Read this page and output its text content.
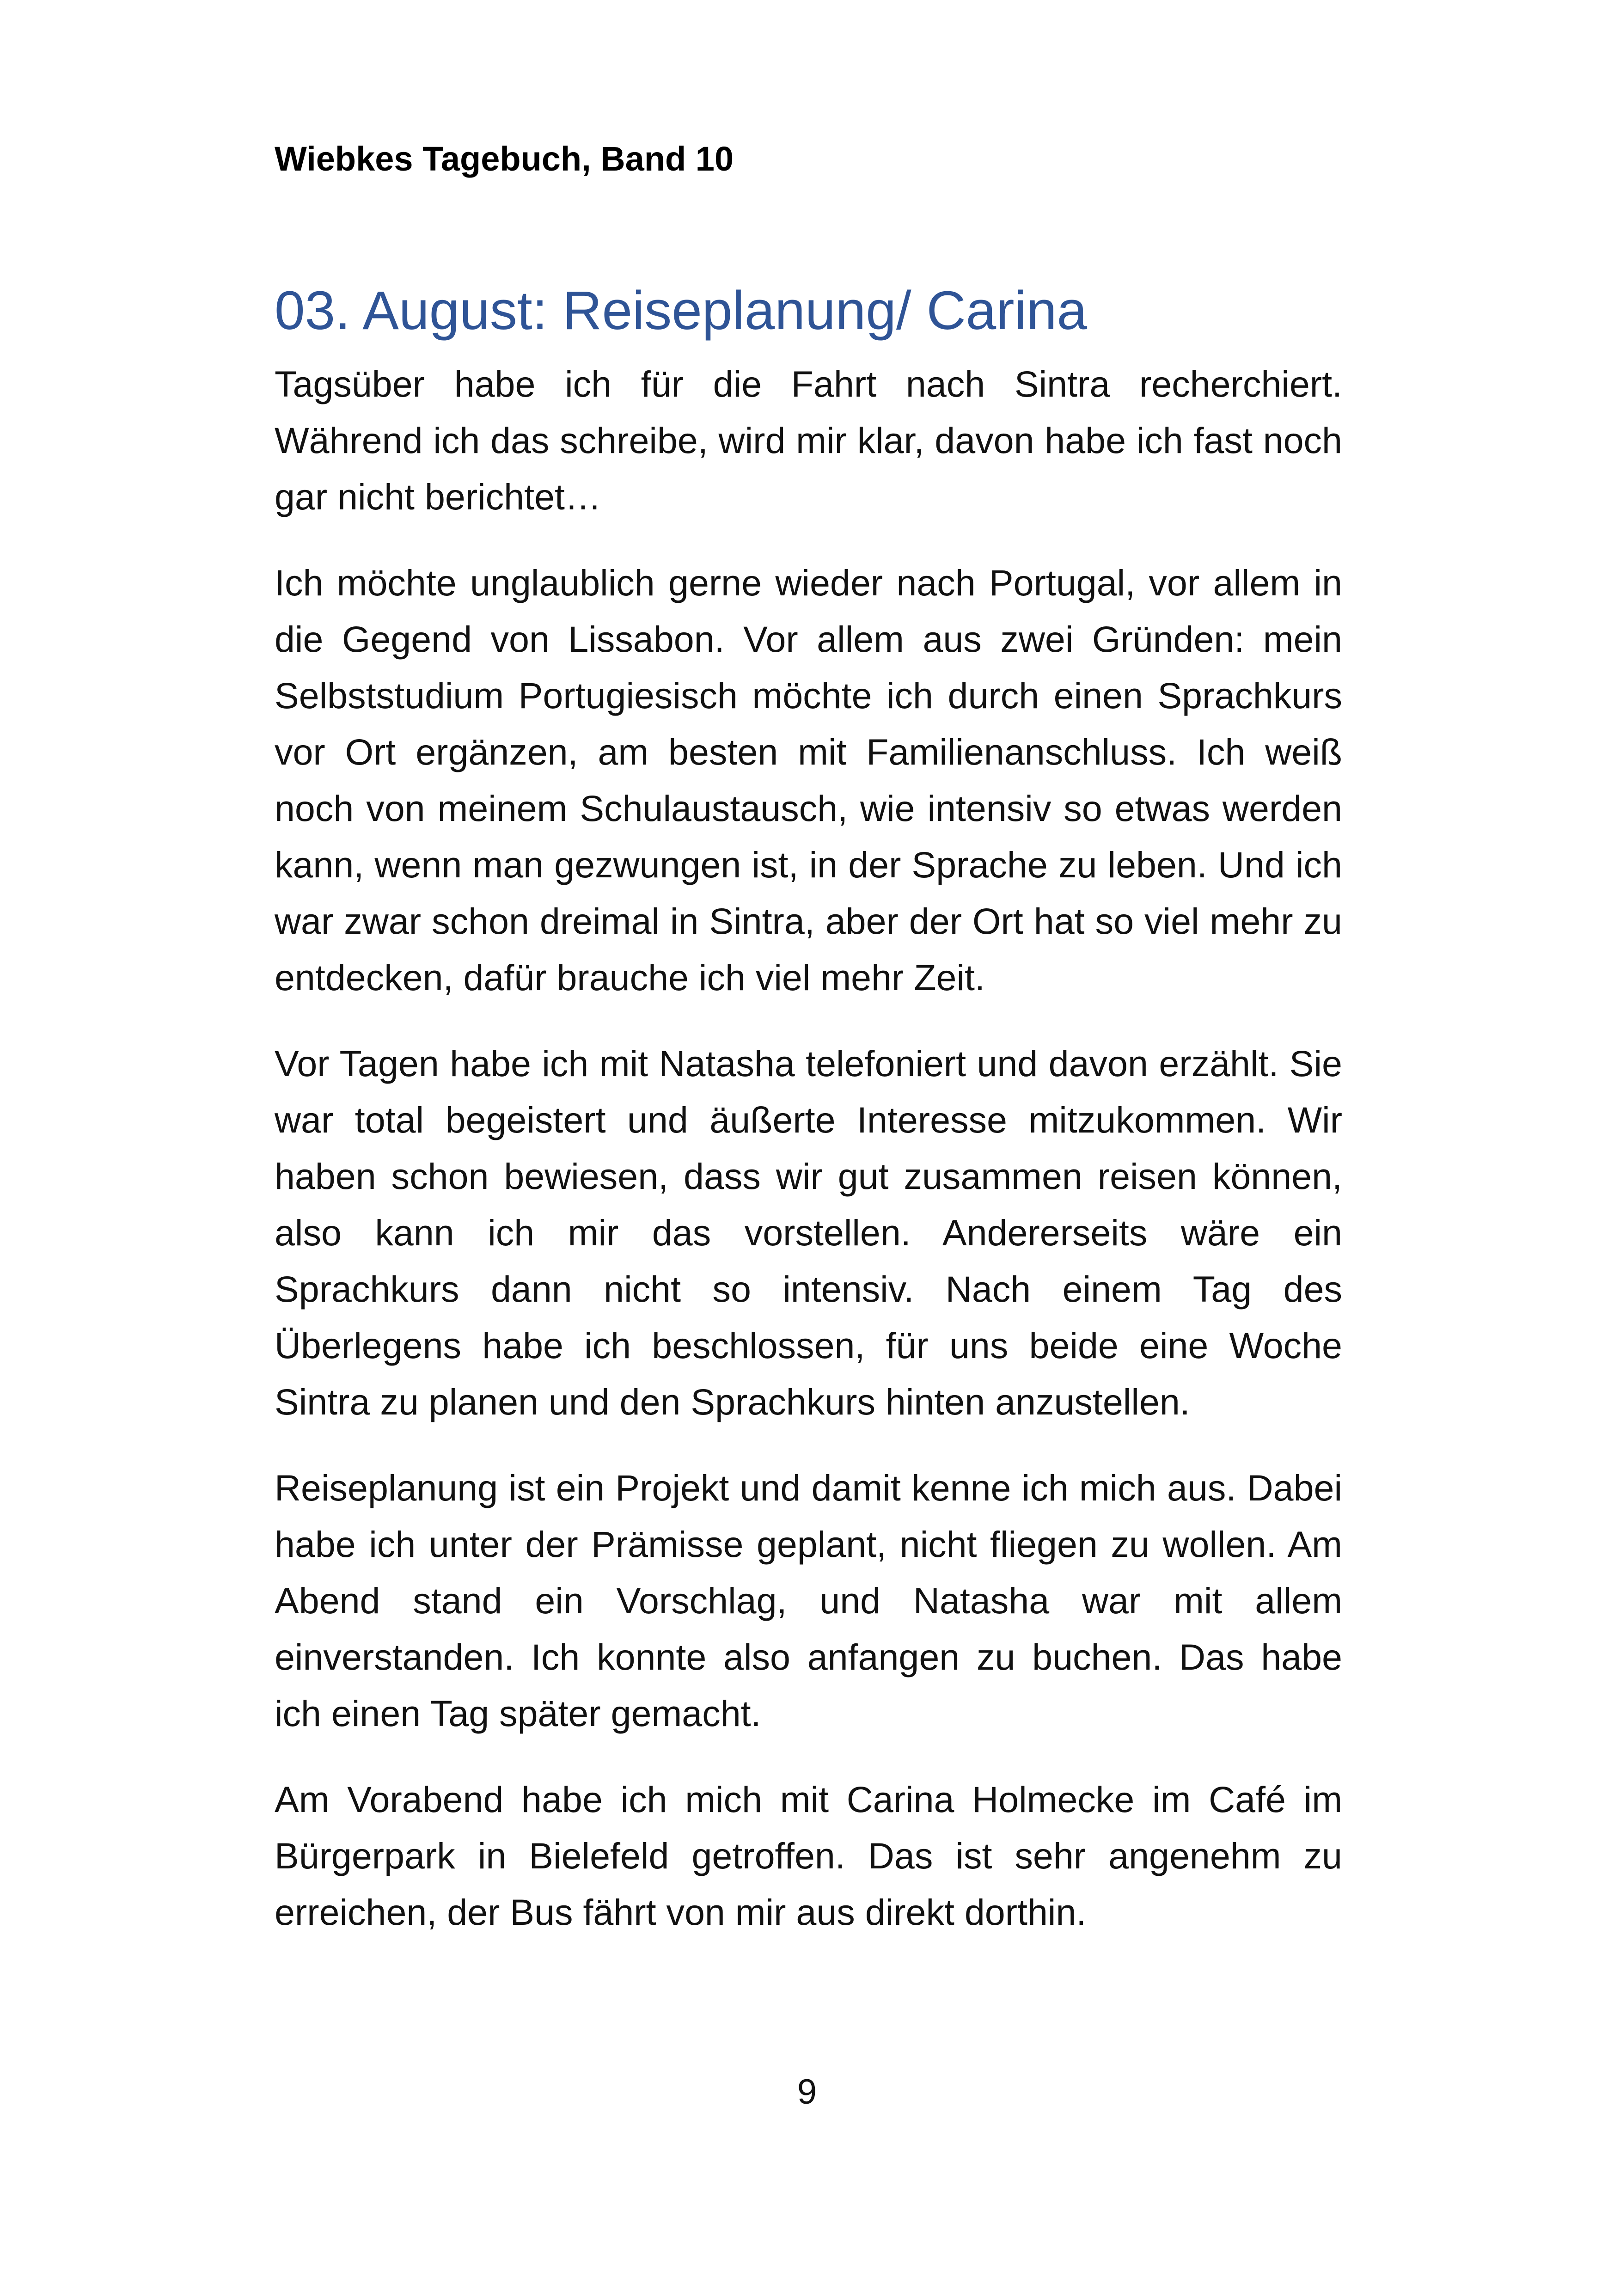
Wiebkes Tagebuch, Band 10
03. August: Reiseplanung/ Carina

Tagsüber habe ich für die Fahrt nach Sintra recherchiert. Während ich das schreibe, wird mir klar, davon habe ich fast noch gar nicht berichtet…

Ich möchte unglaublich gerne wieder nach Portugal, vor allem in die Gegend von Lissabon. Vor allem aus zwei Gründen: mein Selbststudium Portugiesisch möchte ich durch einen Sprachkurs vor Ort ergänzen, am besten mit Familienanschluss. Ich weiß noch von meinem Schulaustausch, wie intensiv so etwas werden kann, wenn man gezwungen ist, in der Sprache zu leben. Und ich war zwar schon dreimal in Sintra, aber der Ort hat so viel mehr zu entdecken, dafür brauche ich viel mehr Zeit.

Vor Tagen habe ich mit Natasha telefoniert und davon erzählt. Sie war total begeistert und äußerte Interesse mitzukommen. Wir haben schon bewiesen, dass wir gut zusammen reisen können, also kann ich mir das vorstellen. Andererseits wäre ein Sprachkurs dann nicht so intensiv. Nach einem Tag des Überlegens habe ich beschlossen, für uns beide eine Woche Sintra zu planen und den Sprachkurs hinten anzustellen.

Reiseplanung ist ein Projekt und damit kenne ich mich aus. Dabei habe ich unter der Prämisse geplant, nicht fliegen zu wollen. Am Abend stand ein Vorschlag, und Natasha war mit allem einverstanden. Ich konnte also anfangen zu buchen. Das habe ich einen Tag später gemacht.

Am Vorabend habe ich mich mit Carina Holmecke im Café im Bürgerpark in Bielefeld getroffen. Das ist sehr angenehm zu erreichen, der Bus fährt von mir aus direkt dorthin.

9
